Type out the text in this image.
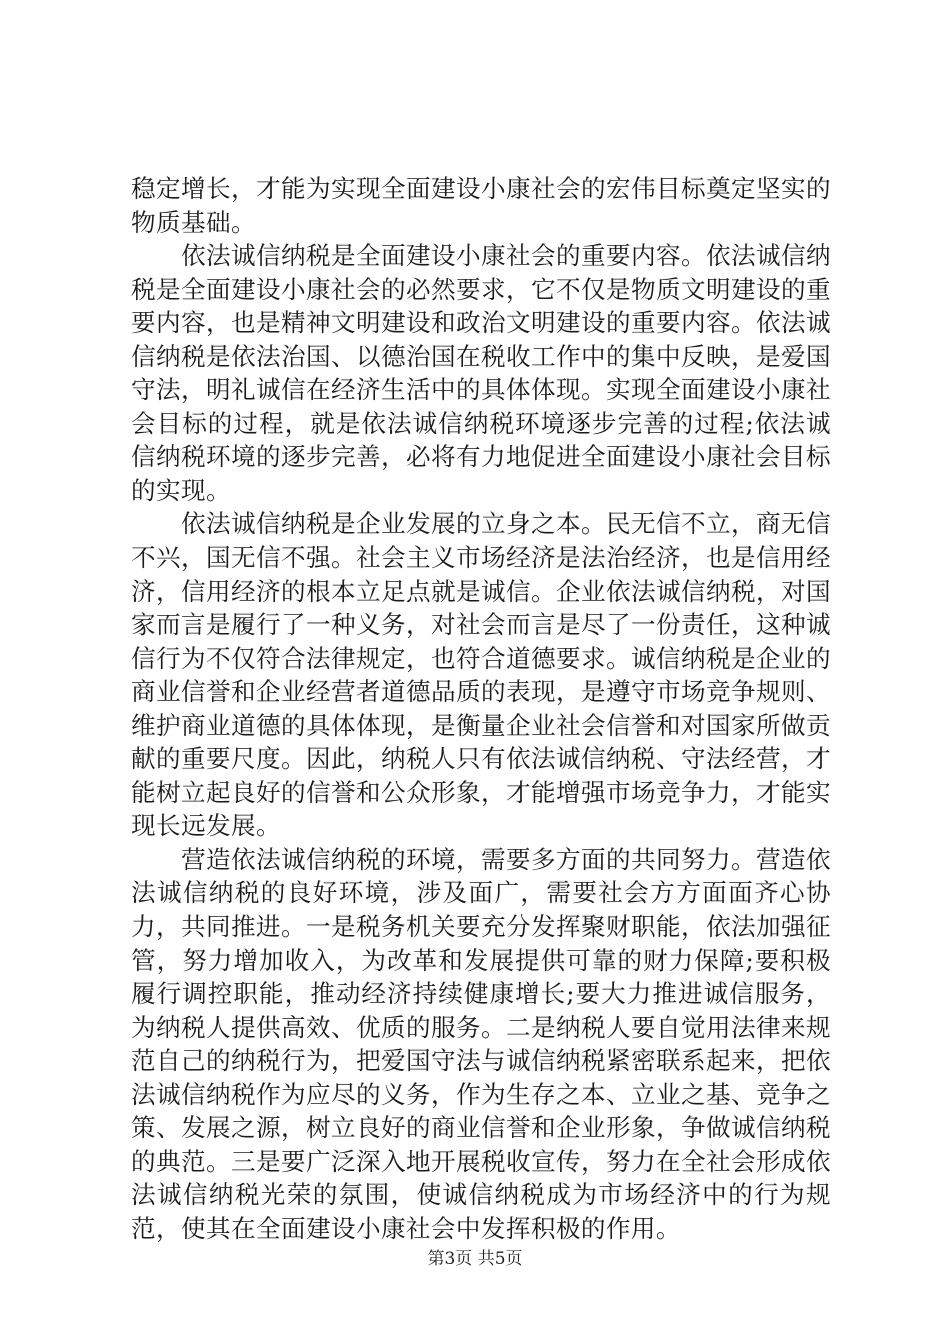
稳定增长，才能为实现全面建设小康社会的宏伟目标奠定坚实的物质基础。

依法诚信纳税是全面建设小康社会的重要内容。依法诚信纳税是全面建设小康社会的必然要求，它不仅是物质文明建设的重要内容，也是精神文明建设和政治文明建设的重要内容。依法诚信纳税是依法治国、以德治国在税收工作中的集中反映，是爱国守法，明礼诚信在经济生活中的具体体现。实现全面建设小康社会目标的过程，就是依法诚信纳税环境逐步完善的过程;依法诚信纳税环境的逐步完善，必将有力地促进全面建设小康社会目标的实现。

依法诚信纳税是企业发展的立身之本。民无信不立，商无信不兴，国无信不强。社会主义市场经济是法治经济，也是信用经济，信用经济的根本立足点就是诚信。企业依法诚信纳税，对国家而言是履行了一种义务，对社会而言是尽了一份责任，这种诚信行为不仅符合法律规定，也符合道德要求。诚信纳税是企业的商业信誉和企业经营者道德品质的表现，是遵守市场竞争规则、维护商业道德的具体体现，是衡量企业社会信誉和对国家所做贡献的重要尺度。因此，纳税人只有依法诚信纳税、守法经营，才能树立起良好的信誉和公众形象，才能增强市场竞争力，才能实现长远发展。

营造依法诚信纳税的环境，需要多方面的共同努力。营造依法诚信纳税的良好环境，涉及面广，需要社会方方面面齐心协力，共同推进。一是税务机关要充分发挥聚财职能，依法加强征管，努力增加收入，为改革和发展提供可靠的财力保障;要积极履行调控职能，推动经济持续健康增长;要大力推进诚信服务，为纳税人提供高效、优质的服务。二是纳税人要自觉用法律来规范自己的纳税行为，把爱国守法与诚信纳税紧密联系起来，把依法诚信纳税作为应尽的义务，作为生存之本、立业之基、竞争之策、发展之源，树立良好的商业信誉和企业形象，争做诚信纳税的典范。三是要广泛深入地开展税收宣传，努力在全社会形成依法诚信纳税光荣的氛围，使诚信纳税成为市场经济中的行为规范，使其在全面建设小康社会中发挥积极的作用。

第3页 共5页
